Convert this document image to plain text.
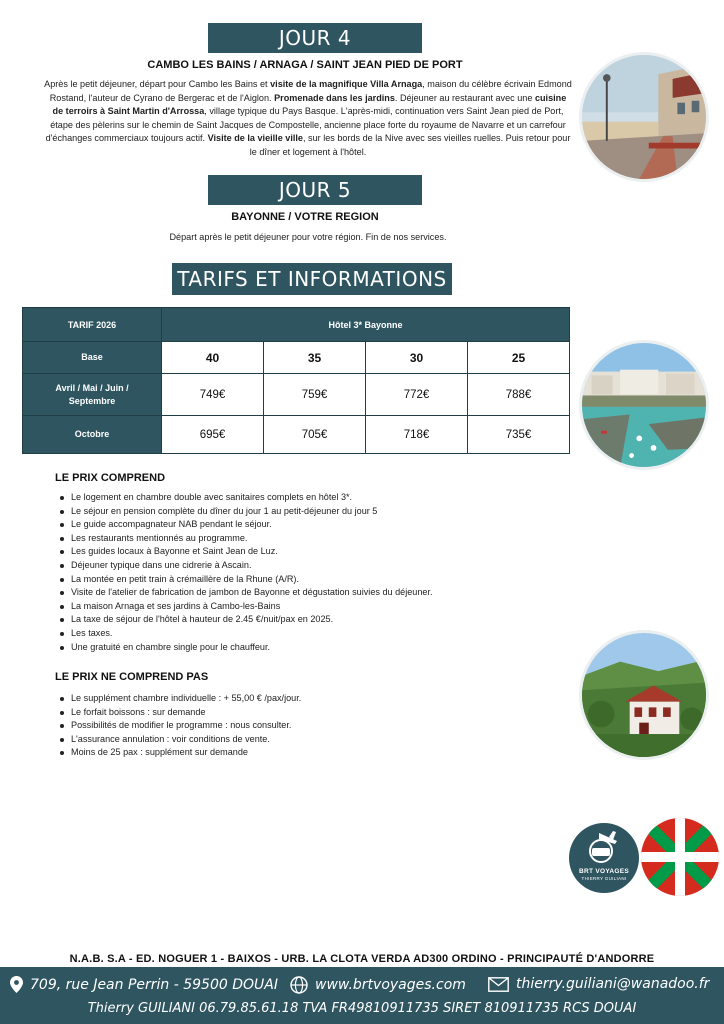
JOUR 4
CAMBO LES BAINS / ARNAGA / SAINT JEAN PIED DE PORT

Après le petit déjeuner, départ pour Cambo les Bains et visite de la magnifique Villa Arnaga, maison du célèbre écrivain Edmond Rostand, l'auteur de Cyrano de Bergerac et de l'Aiglon. Promenade dans les jardins. Déjeuner au restaurant avec une cuisine de terroirs à Saint Martin d'Arrossa, village typique du Pays Basque. L'après-midi, continuation vers Saint Jean pied de Port, étape des pèlerins sur le chemin de Saint Jacques de Compostelle, ancienne place forte du royaume de Navarre et un carrefour d'échanges commerciaux toujours actif. Visite de la vieille ville, sur les bords de la Nive avec ses vieilles ruelles. Puis retour pour le dîner et logement à l'hôtel.

JOUR 5
BAYONNE / VOTRE REGION

Départ après le petit déjeuner pour votre région. Fin de nos services.

TARIFS ET INFORMATIONS
TARIF 2026	Hôtel 3* Bayonne			
Base	40	35	30	25
Avril / Mai / Juin / Septembre	749€	759€	772€	788€
Octobre	695€	705€	718€	735€
LE PRIX COMPREND
Le logement en chambre double avec sanitaires complets en hôtel 3*.
Le séjour en pension complète du dîner du jour 1 au petit-déjeuner du jour 5
Le guide accompagnateur NAB pendant le séjour.
Les restaurants mentionnés au programme.
Les guides locaux à Bayonne et Saint Jean de Luz.
Déjeuner typique dans une cidrerie à Ascain.
La montée en petit train à crémaillère de la Rhune (A/R).
Visite de l'atelier de fabrication de jambon de Bayonne et dégustation suivies du déjeuner.
La maison Arnaga et ses jardins à Cambo-les-Bains
La taxe de séjour de l'hôtel à hauteur de 2.45 €/nuit/pax en 2025.
Les taxes.
Une gratuité en chambre single pour le chauffeur.
LE PRIX NE COMPREND PAS
Le supplément chambre individuelle : + 55,00 € /pax/jour.
Le forfait boissons : sur demande
Possibilités de modifier le programme : nous consulter.
L'assurance annulation : voir conditions de vente.
Moins de 25 pax : supplément sur demande
BRT VOYAGES
THIERRY GUILIANI
N.A.B. S.A - ED. NOGUER 1 - BAIXOS - URB. LA CLOTA VERDA AD300 ORDINO - PRINCIPAUTÉ D'ANDORRE
709, rue Jean Perrin - 59500 DOUAI	www.brtvoyages.com	thierry.guiliani@wanadoo.fr
Thierry GUILIANI 06.79.85.61.18 TVA FR49810911735 SIRET 810911735 RCS DOUAI
